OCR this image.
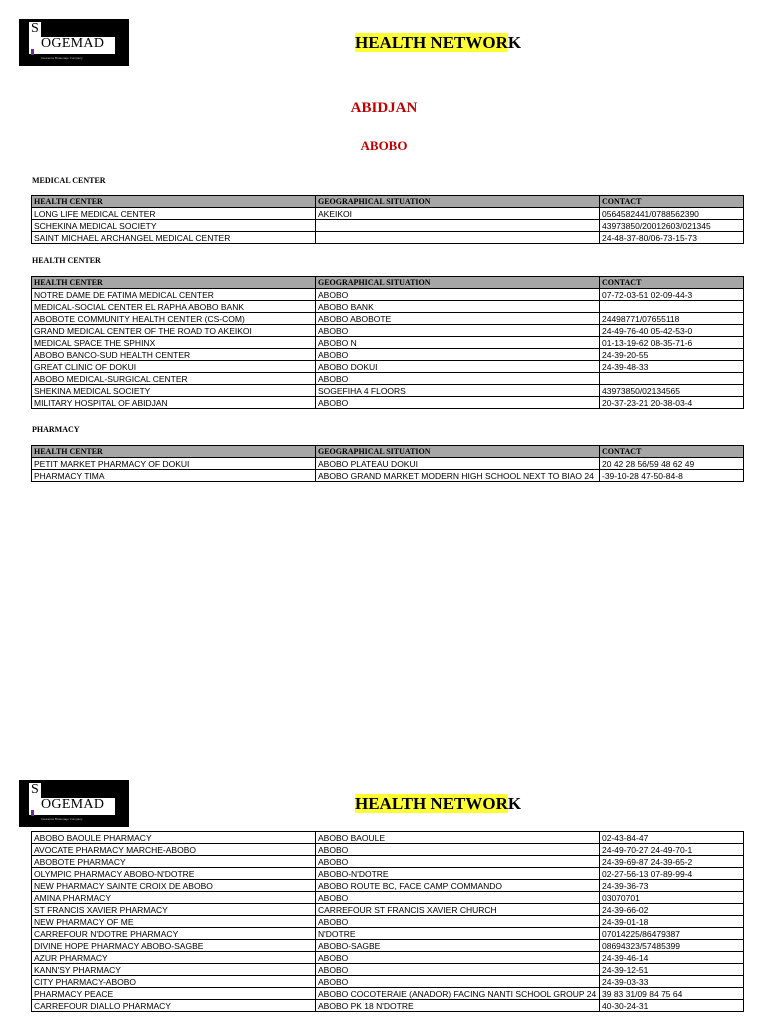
S
OGEMAD
Insurance Brokerage Company
HEALTH NETWORK
ABIDJAN
ABOBO
MEDICAL CENTER
HEALTH CENTER	GEOGRAPHICAL SITUATION	CONTACT
LONG LIFE MEDICAL CENTER	AKEIKOI	0564582441/0788562390
SCHEKINA MEDICAL SOCIETY		43973850/20012603/021345
SAINT MICHAEL ARCHANGEL MEDICAL CENTER		24-48-37-80/06-73-15-73
HEALTH CENTER
HEALTH CENTER	GEOGRAPHICAL SITUATION	CONTACT
NOTRE DAME DE FATIMA MEDICAL CENTER	ABOBO	07-72-03-51 02-09-44-3
MEDICAL-SOCIAL CENTER EL RAPHA ABOBO BANK	ABOBO BANK	
ABOBOTE COMMUNITY HEALTH CENTER (CS-COM)	ABOBO ABOBOTE	24498771/07655118
GRAND MEDICAL CENTER OF THE ROAD TO AKEIKOI	ABOBO	24-49-76-40 05-42-53-0
MEDICAL SPACE THE SPHINX	ABOBO N	01-13-19-62 08-35-71-6
ABOBO BANCO-SUD HEALTH CENTER	ABOBO	24-39-20-55
GREAT CLINIC OF DOKUI	ABOBO DOKUI	24-39-48-33
ABOBO MEDICAL-SURGICAL CENTER	ABOBO	
SHEKINA MEDICAL SOCIETY	SOGEFIHA 4 FLOORS	43973850/02134565
MILITARY HOSPITAL OF ABIDJAN	ABOBO	20-37-23-21 20-38-03-4
PHARMACY
HEALTH CENTER	GEOGRAPHICAL SITUATION	CONTACT
PETIT MARKET PHARMACY OF DOKUI	ABOBO PLATEAU DOKUI	20 42 28 56/59 48 62 49
PHARMACY TIMA	ABOBO GRAND MARKET MODERN HIGH SCHOOL NEXT TO BIAO 24	-39-10-28 47-50-84-8
S
OGEMAD
Insurance Brokerage Company
HEALTH NETWORK
ABOBO BAOULE PHARMACY	ABOBO BAOULE	02-43-84-47
AVOCATE PHARMACY MARCHE-ABOBO	ABOBO	24-49-70-27 24-49-70-1
ABOBOTE PHARMACY	ABOBO	24-39-69-87 24-39-65-2
OLYMPIC PHARMACY ABOBO-N'DOTRE	ABOBO-N'DOTRE	02-27-56-13 07-89-99-4
NEW PHARMACY SAINTE CROIX DE ABOBO	ABOBO ROUTE BC, FACE CAMP COMMANDO	24-39-36-73
AMINA PHARMACY	ABOBO	03070701
ST FRANCIS XAVIER PHARMACY	CARREFOUR ST FRANCIS XAVIER CHURCH	24-39-66-02
NEW PHARMACY OF ME	ABOBO	24-39-01-18
CARREFOUR N'DOTRE PHARMACY	N'DOTRE	07014225/86479387
DIVINE HOPE PHARMACY ABOBO-SAGBE	ABOBO-SAGBE	08694323/57485399
AZUR PHARMACY	ABOBO	24-39-46-14
KANN'SY PHARMACY	ABOBO	24-39-12-51
CITY PHARMACY-ABOBO	ABOBO	24-39-03-33
PHARMACY PEACE	ABOBO COCOTERAIE (ANADOR) FACING NANTI SCHOOL GROUP 24	39 83 31/09 84 75 64
CARREFOUR DIALLO PHARMACY	ABOBO PK 18 N'DOTRE	40-30-24-31
